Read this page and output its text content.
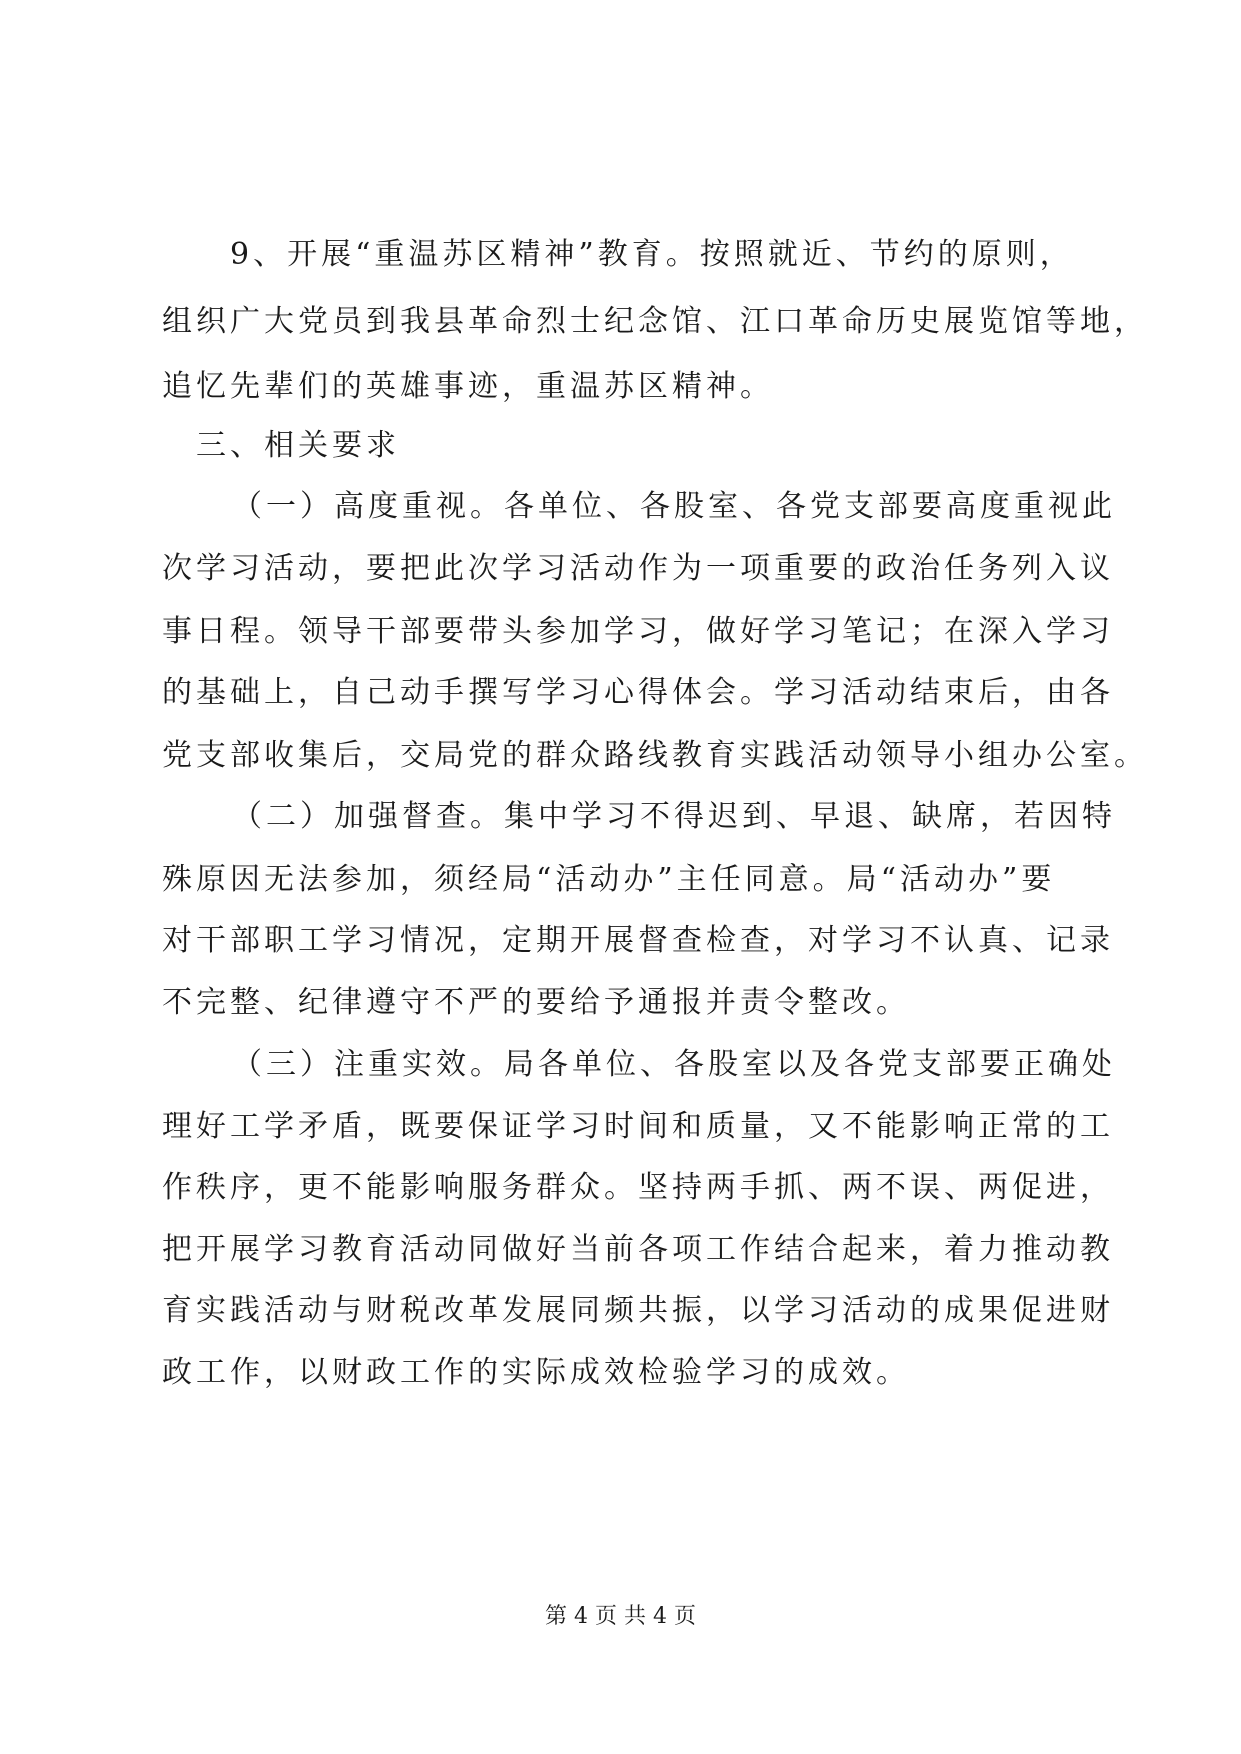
9、开展“重温苏区精神”教育。按照就近、节约的原则，
组织广大党员到我县革命烈士纪念馆、江口革命历史展览馆等地，
追忆先辈们的英雄事迹，重温苏区精神。
三、相关要求
（一）高度重视。各单位、各股室、各党支部要高度重视此
次学习活动，要把此次学习活动作为一项重要的政治任务列入议
事日程。领导干部要带头参加学习，做好学习笔记；在深入学习
的基础上，自己动手撰写学习心得体会。学习活动结束后，由各
党支部收集后，交局党的群众路线教育实践活动领导小组办公室。
（二）加强督查。集中学习不得迟到、早退、缺席，若因特
殊原因无法参加，须经局“活动办”主任同意。局“活动办”要
对干部职工学习情况，定期开展督查检查，对学习不认真、记录
不完整、纪律遵守不严的要给予通报并责令整改。
（三）注重实效。局各单位、各股室以及各党支部要正确处
理好工学矛盾，既要保证学习时间和质量，又不能影响正常的工
作秩序，更不能影响服务群众。坚持两手抓、两不误、两促进，
把开展学习教育活动同做好当前各项工作结合起来，着力推动教
育实践活动与财税改革发展同频共振，以学习活动的成果促进财
政工作，以财政工作的实际成效检验学习的成效。
第 4 页 共 4 页
